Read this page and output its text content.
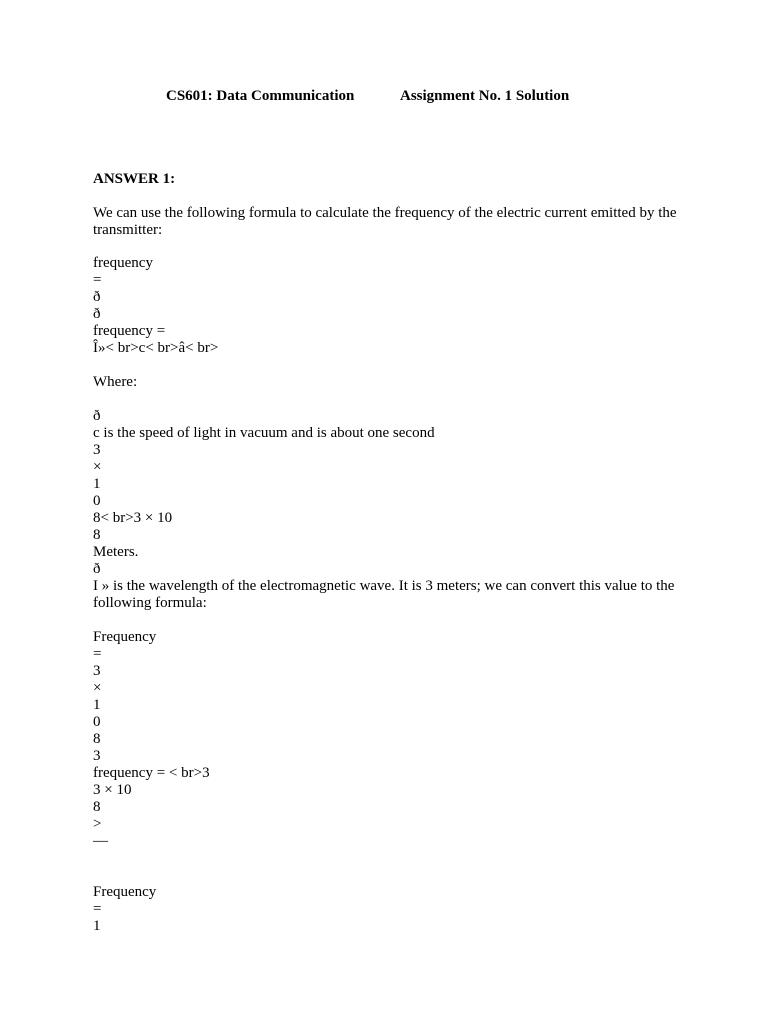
CS601: Data Communication	Assignment No. 1 Solution
ANSWER 1:
We can use the following formula to calculate the frequency of the electric current emitted by the transmitter:
frequency
=
ð
ð
frequency =
Î»< br>c< br>â< br>
Where:
ð
c is the speed of light in vacuum and is about one second
3
×
1
0
8< br>3 × 10
8
Meters.
ð
I » is the wavelength of the electromagnetic wave. It is 3 meters; we can convert this value to the following formula:
Frequency
=
3
×
1
0
8
3
frequency = < br>3
3 × 10
8
>
—
Frequency
=
1
